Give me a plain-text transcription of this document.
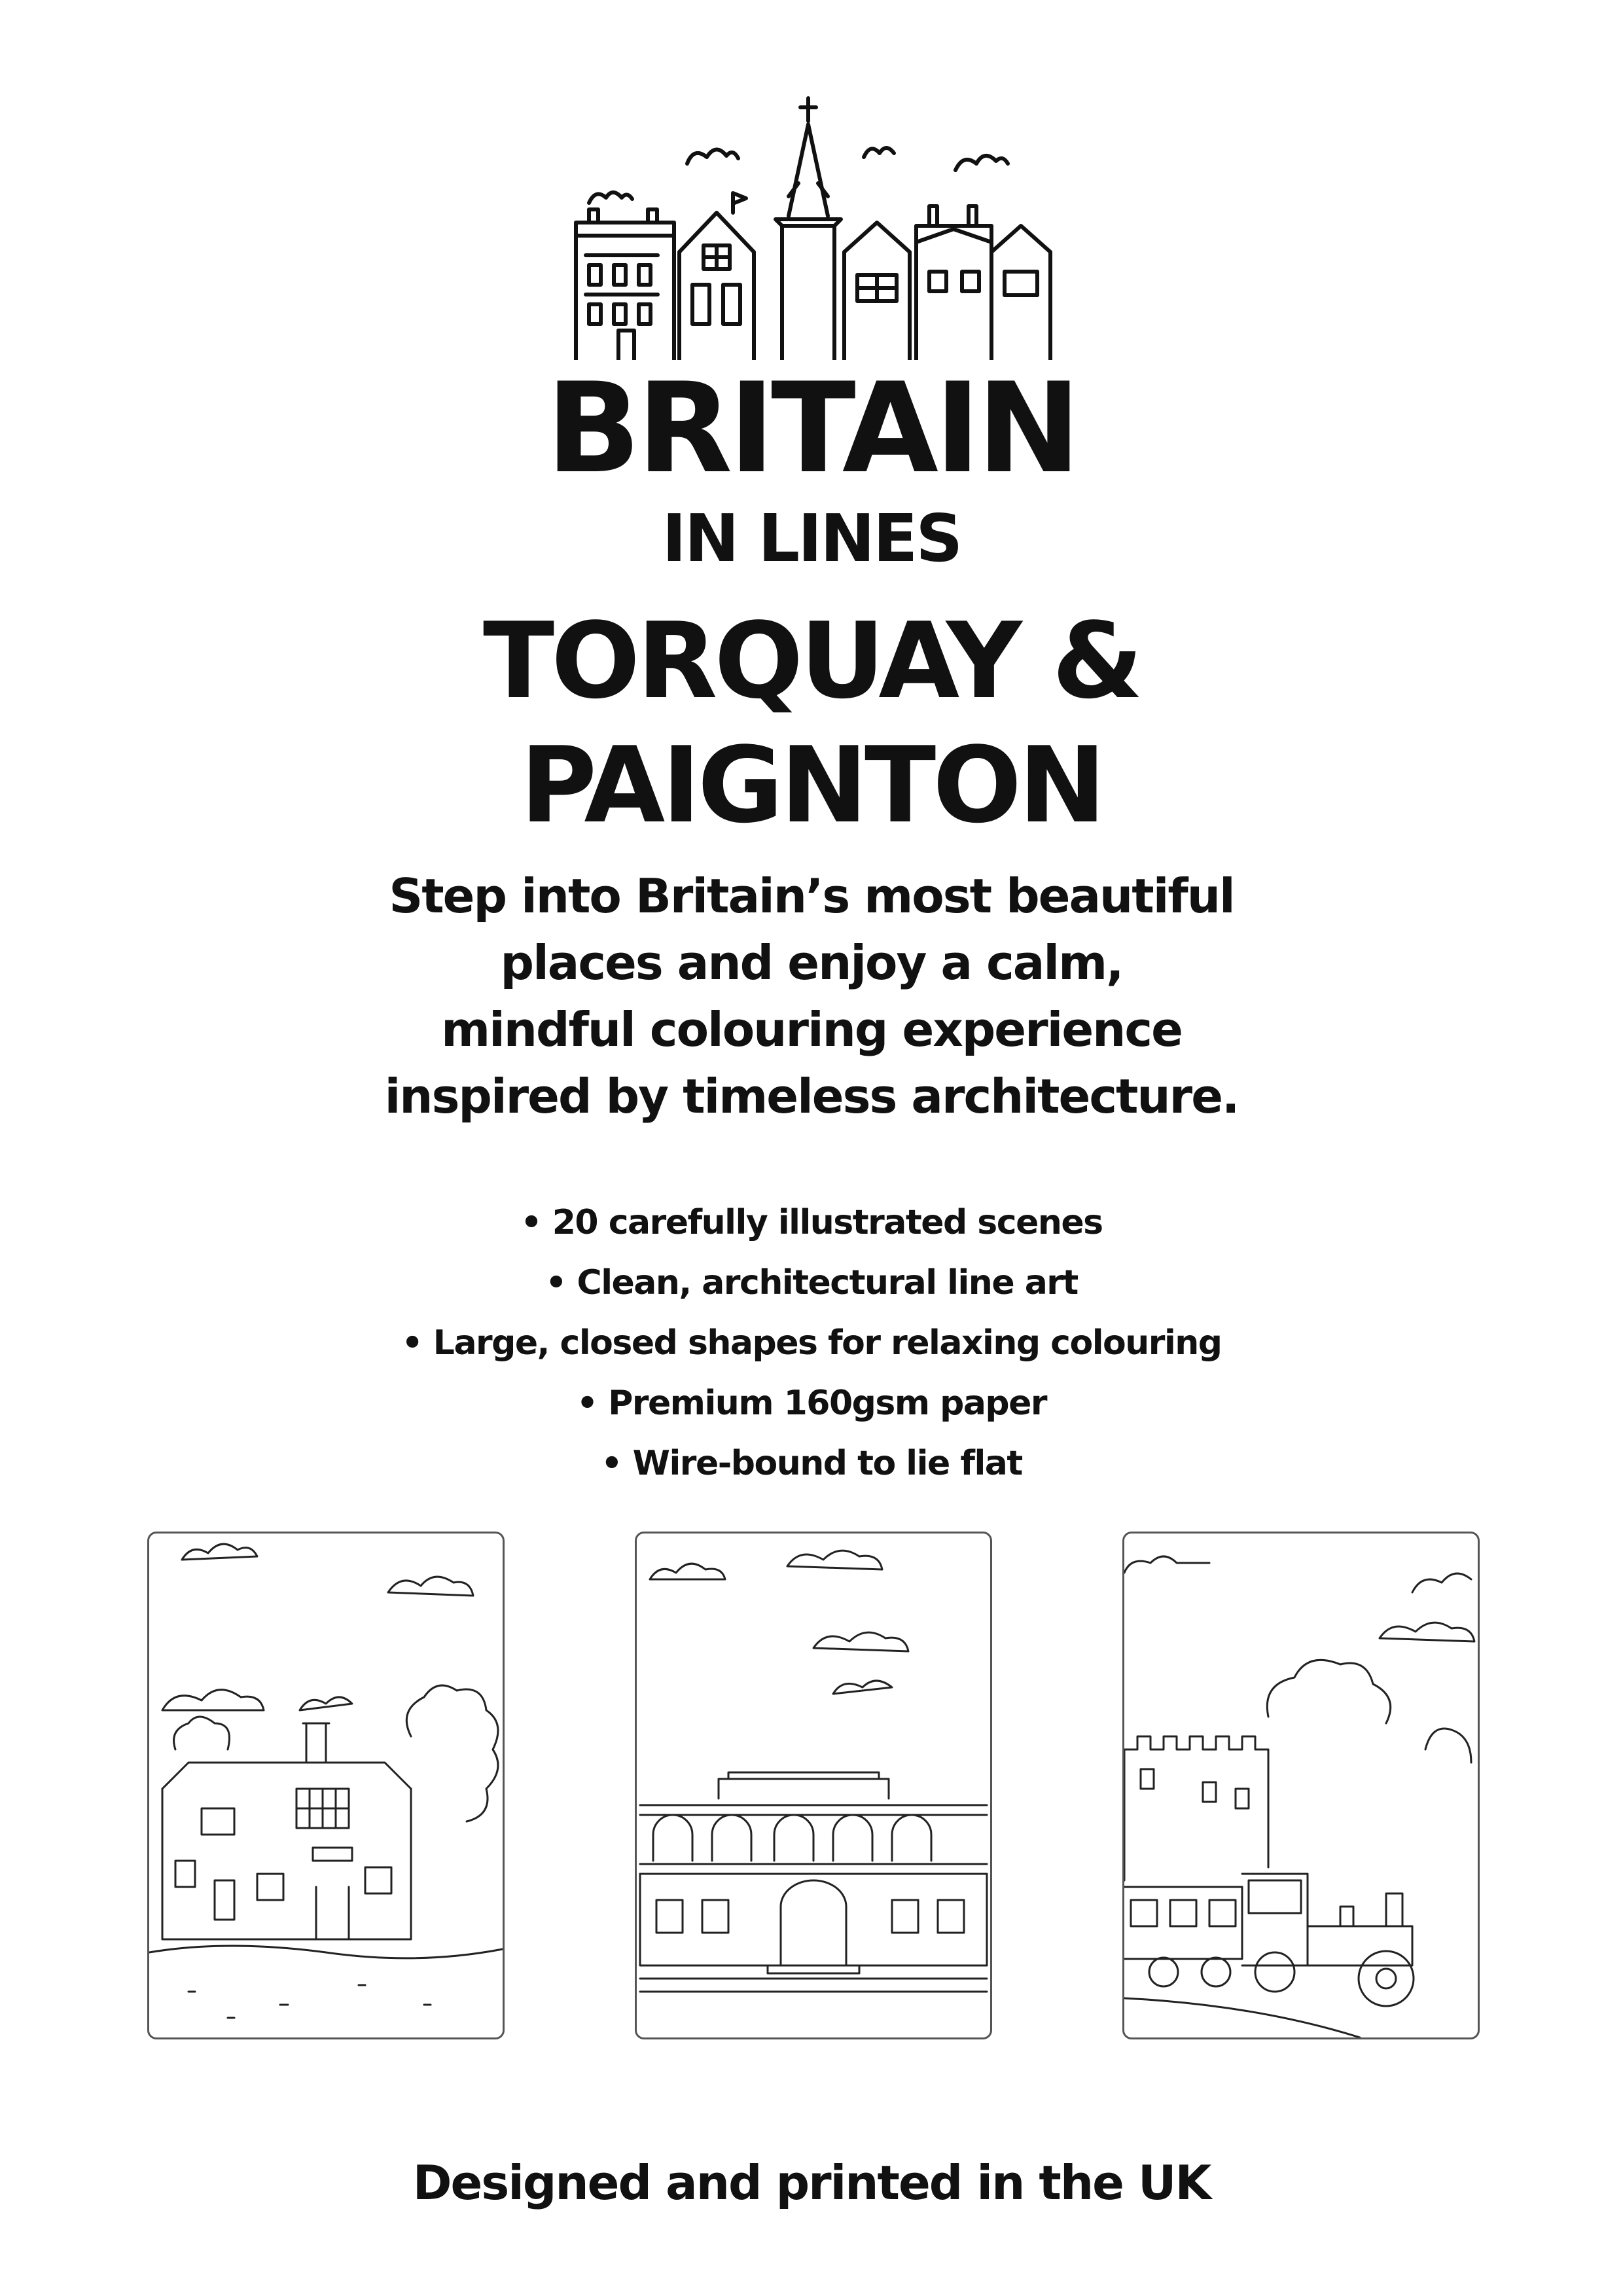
BRITAIN
IN LINES
TORQUAY &
PAIGNTON
Step into Britain’s most beautiful
places and enjoy a calm,
mindful colouring experience
inspired by timeless architecture.
• 20 carefully illustrated scenes
• Clean, architectural line art
• Large, closed shapes for relaxing colouring
• Premium 160gsm paper
• Wire-bound to lie flat
Designed and printed in the UK
